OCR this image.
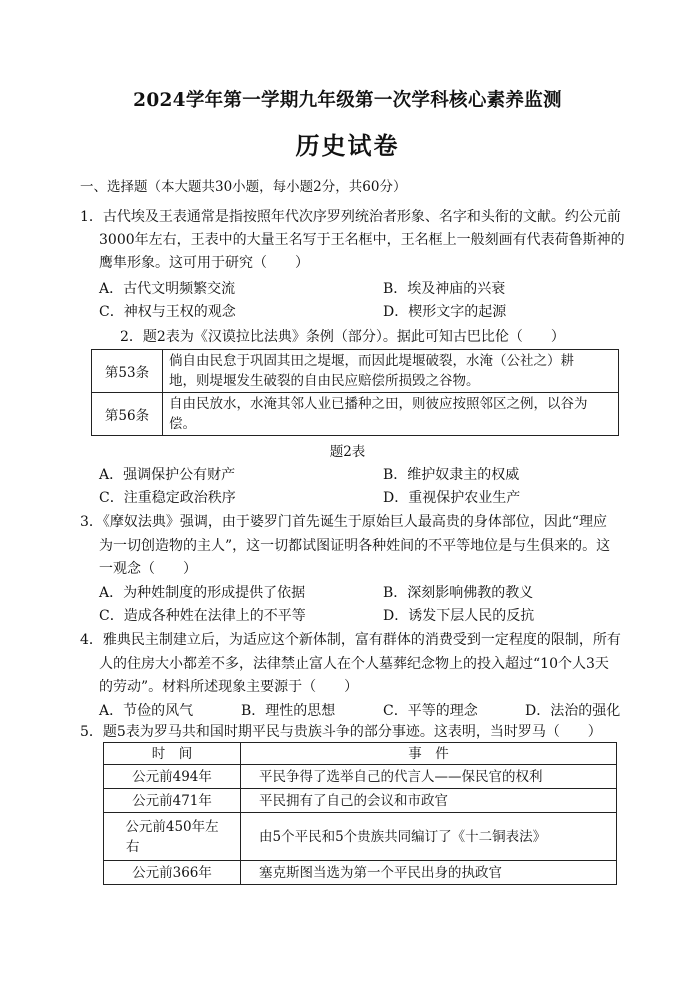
2024学年第一学期九年级第一次学科核心素养监测
历史试卷
一、选择题（本大题共30小题，每小题2分，共60分）
1．古代埃及王表通常是指按照年代次序罗列统治者形象、名字和头衔的文献。约公元前
3000年左右，王表中的大量王名写于王名框中，王名框上一般刻画有代表荷鲁斯神的
鹰隼形象。这可用于研究（　　）
A．古代文明频繁交流	B．埃及神庙的兴衰
C．神权与王权的观念	D．楔形文字的起源
2．题2表为《汉谟拉比法典》条例（部分）。据此可知古巴比伦（　　）
第53条	倘自由民怠于巩固其田之堤堰，而因此堤堰破裂，水淹（公社之）耕
地，则堤堰发生破裂的自由民应赔偿所损毁之谷物。

第56条	自由民放水，水淹其邻人业已播种之田，则彼应按照邻区之例，以谷为
偿。
题2表
A．强调保护公有财产	B．维护奴隶主的权威
C．注重稳定政治秩序	D．重视保护农业生产
3．《摩奴法典》强调，由于婆罗门首先诞生于原始巨人最高贵的身体部位，因此“理应
为一切创造物的主人”，这一切都试图证明各种姓间的不平等地位是与生俱来的。这
一观念（　　）
A．为种姓制度的形成提供了依据	B．深刻影响佛教的教义
C．造成各种姓在法律上的不平等	D．诱发下层人民的反抗
4．雅典民主制建立后，为适应这个新体制，富有群体的消费受到一定程度的限制，所有
人的住房大小都差不多，法律禁止富人在个人墓葬纪念物上的投入超过“10个人3天
的劳动”。材料所述现象主要源于（　　）
A．节俭的风气	B．理性的思想	C．平等的理念	D．法治的强化
5．题5表为罗马共和国时期平民与贵族斗争的部分事迹。这表明，当时罗马（　　）
时　间	事　件
公元前494年	平民争得了选举自己的代言人——保民官的权利
公元前471年	平民拥有了自己的会议和市政官

公元前450年左
右	由5个平民和5个贵族共同编订了《十二铜表法》
公元前366年	塞克斯图当选为第一个平民出身的执政官
